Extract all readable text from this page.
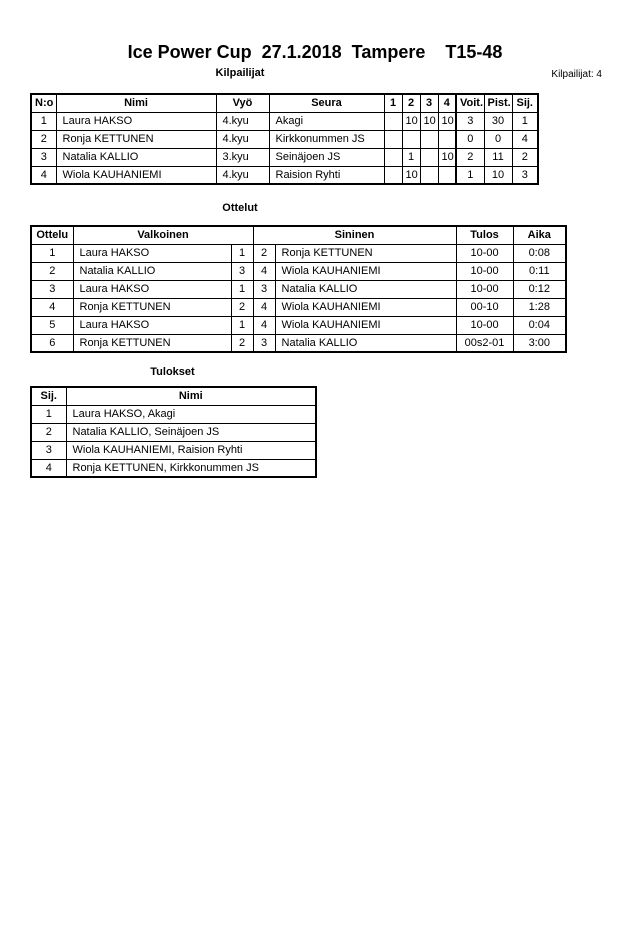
Ice Power Cup  27.1.2018  Tampere    T15-48
Kilpailijat	Kilpailijat: 4
N:o	Nimi	Vyö	Seura	1	2	3	4	Voit.	Pist.	Sij.
1	Laura HAKSO	4.kyu	Akagi		10	10	10	3	30	1
2	Ronja KETTUNEN	4.kyu	Kirkkonummen JS					0	0	4
3	Natalia KALLIO	3.kyu	Seinäjoen JS		1		10	2	11	2
4	Wiola KAUHANIEMI	4.kyu	Raision Ryhti		10			1	10	3
Ottelut
Ottelu	Valkoinen		Sininen		Tulos	Aika
1	Laura HAKSO	1	2	Ronja KETTUNEN	10-00	0:08
2	Natalia KALLIO	3	4	Wiola KAUHANIEMI	10-00	0:11
3	Laura HAKSO	1	3	Natalia KALLIO	10-00	0:12
4	Ronja KETTUNEN	2	4	Wiola KAUHANIEMI	00-10	1:28
5	Laura HAKSO	1	4	Wiola KAUHANIEMI	10-00	0:04
6	Ronja KETTUNEN	2	3	Natalia KALLIO	00s2-01	3:00
Tulokset
Sij.	Nimi
1	Laura HAKSO, Akagi
2	Natalia KALLIO, Seinäjoen JS
3	Wiola KAUHANIEMI, Raision Ryhti
4	Ronja KETTUNEN, Kirkkonummen JS
